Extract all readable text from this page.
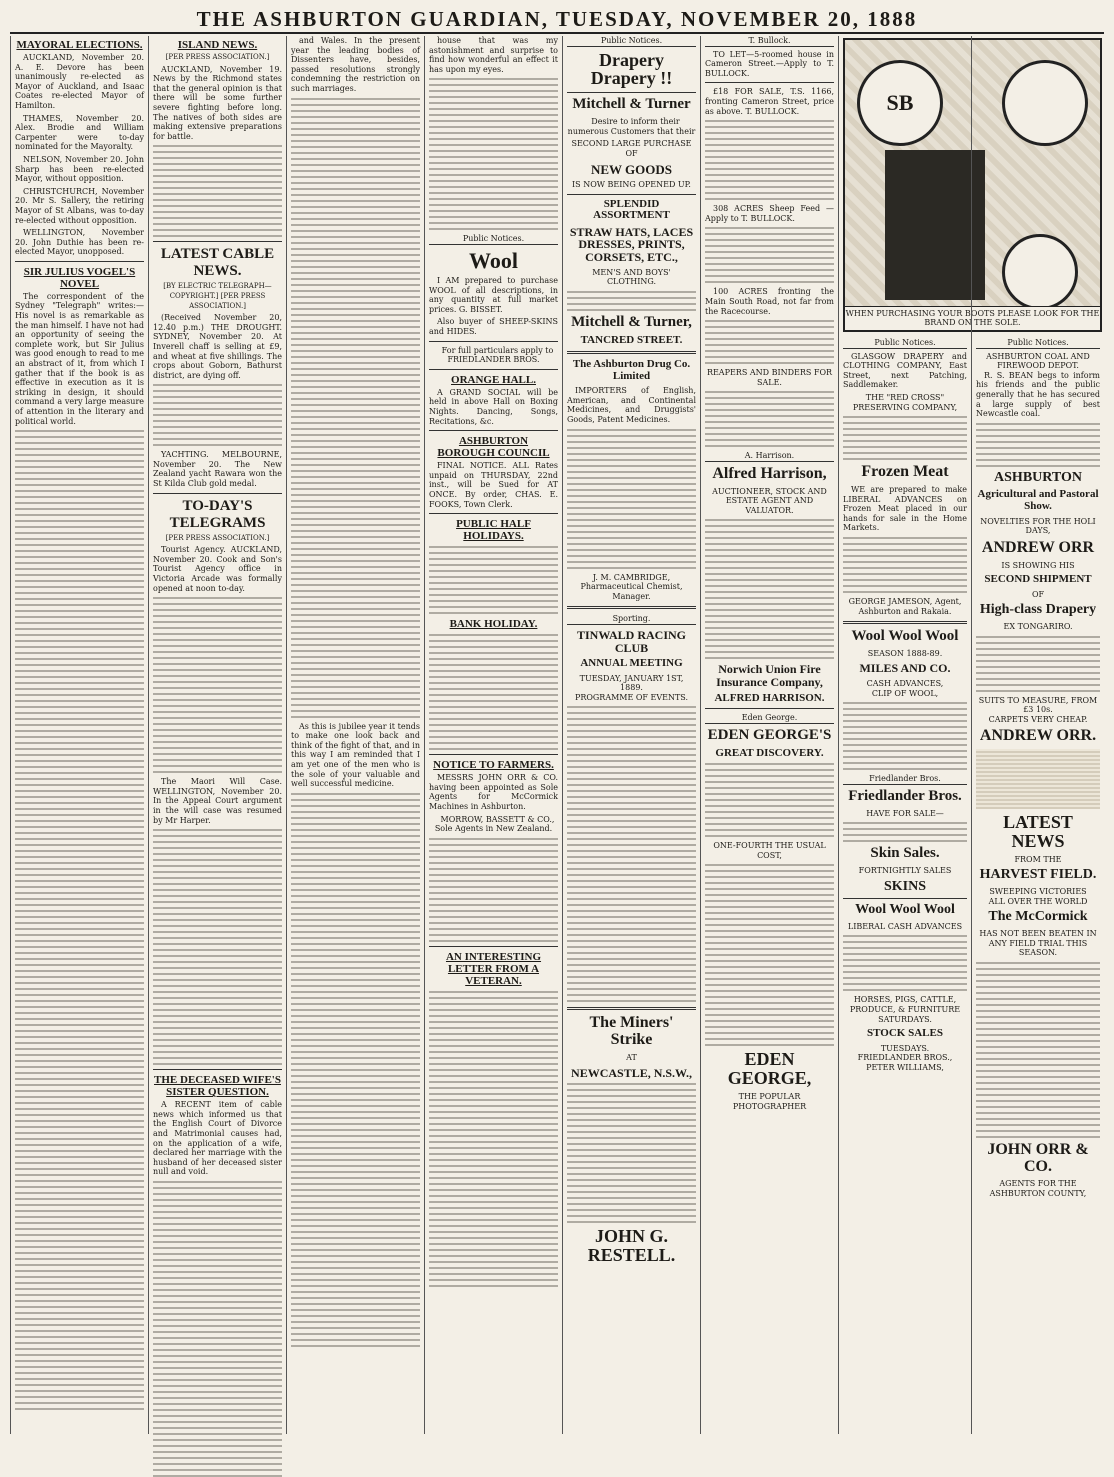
THE ASHBURTON GUARDIAN, TUESDAY, NOVEMBER 20, 1888
MAYORAL ELECTIONS.

AUCKLAND, November 20. A. E. Devore has been unanimously re-elected as Mayor of Auckland, and Isaac Coates re-elected Mayor of Hamilton.

THAMES, November 20. Alex. Brodie and William Carpenter were to-day nominated for the Mayoralty.

NELSON, November 20. John Sharp has been re-elected Mayor, without opposition.

CHRISTCHURCH, November 20. Mr S. Sallery, the retiring Mayor of St Albans, was to-day re-elected without opposition.

WELLINGTON, November 20. John Duthie has been re-elected Mayor, unopposed.

SIR JULIUS VOGEL'S NOVEL

The correspondent of the Sydney "Telegraph" writes:—His novel is as remarkable as the man himself. I have not had an opportunity of seeing the complete work, but Sir Julius was good enough to read to me an abstract of it, from which I gather that if the book is as effective in execution as it is striking in design, it should command a very large measure of attention in the literary and political world.

ISLAND NEWS.
[PER PRESS ASSOCIATION.]

AUCKLAND, November 19. News by the Richmond states that the general opinion is that there will be some further severe fighting before long. The natives of both sides are making extensive preparations for battle.

LATEST CABLE NEWS.
[BY ELECTRIC TELEGRAPH—COPYRIGHT.] [PER PRESS ASSOCIATION.]

(Received November 20, 12.40 p.m.) THE DROUGHT. SYDNEY, November 20. At Inverell chaff is selling at £9, and wheat at five shillings. The crops about Goborn, Bathurst district, are dying off.

YACHTING. MELBOURNE, November 20. The New Zealand yacht Rawara won the St Kilda Club gold medal.

TO-DAY'S TELEGRAMS
[PER PRESS ASSOCIATION.]

Tourist Agency. AUCKLAND, November 20. Cook and Son's Tourist Agency office in Victoria Arcade was formally opened at noon to-day.

The Maori Will Case. WELLINGTON, November 20. In the Appeal Court argument in the will case was resumed by Mr Harper.

THE DECEASED WIFE'S SISTER QUESTION.

A RECENT item of cable news which informed us that the English Court of Divorce and Matrimonial causes had, on the application of a wife, declared her marriage with the husband of her deceased sister null and void.

and Wales. In the present year the leading bodies of Dissenters have, besides, passed resolutions strongly condemning the restriction on such marriages.

As this is jubilee year it tends to make one look back and think of the fight of that, and in this way I am reminded that I am yet one of the men who is the sole of your valuable and well successful medicine.

house that was my astonishment and surprise to find how wonderful an effect it has upon my eyes.

Public Notices.
Wool

I AM prepared to purchase WOOL of all descriptions, in any quantity at full market prices. G. BISSET.

Also buyer of SHEEP-SKINS and HIDES.

For full particulars apply to FRIEDLANDER BROS.

ORANGE HALL.

A GRAND SOCIAL will be held in above Hall on Boxing Nights. Dancing, Songs, Recitations, &c.

ASHBURTON BOROUGH COUNCIL

FINAL NOTICE. ALL Rates unpaid on THURSDAY, 22nd inst., will be Sued for AT ONCE. By order, CHAS. E. FOOKS, Town Clerk.

PUBLIC HALF HOLIDAYS.
BANK HOLIDAY.
NOTICE TO FARMERS.

MESSRS JOHN ORR & CO. having been appointed as Sole Agents for McCormick Machines in Ashburton.

MORROW, BASSETT & CO., Sole Agents in New Zealand.

AN INTERESTING LETTER FROM A VETERAN.
Public Notices.
Drapery Drapery !!
Mitchell & Turner

Desire to inform their numerous Customers that their

SECOND LARGE PURCHASE OF
NEW GOODS
IS NOW BEING OPENED UP.
SPLENDID ASSORTMENT
STRAW HATS, LACES DRESSES, PRINTS, CORSETS, ETC.,
MEN'S AND BOYS' CLOTHING.
Mitchell & Turner,
TANCRED STREET.
The Ashburton Drug Co. Limited

IMPORTERS of English, American, and Continental Medicines, and Druggists' Goods, Patent Medicines.

J. M. CAMBRIDGE, Pharmaceutical Chemist, Manager.
Sporting.
TINWALD RACING CLUB
ANNUAL MEETING
TUESDAY, JANUARY 1ST, 1889.
PROGRAMME OF EVENTS.
The Miners' Strike
AT
NEWCASTLE, N.S.W.,
JOHN G. RESTELL.
T. Bullock.

TO LET—5-roomed house in Cameron Street.—Apply to T. BULLOCK.

£18 FOR SALE, T.S. 1166, fronting Cameron Street, price as above. T. BULLOCK.

308 ACRES Sheep Feed — Apply to T. BULLOCK.

100 ACRES fronting the Main South Road, not far from the Racecourse.

REAPERS AND BINDERS FOR SALE.
A. Harrison.
Alfred Harrison,
AUCTIONEER, STOCK AND ESTATE AGENT AND VALUATOR.
Norwich Union Fire Insurance Company,
ALFRED HARRISON.
Eden George.
EDEN GEORGE'S
GREAT DISCOVERY.
ONE-FOURTH THE USUAL COST,
EDEN GEORGE,
THE POPULAR PHOTOGRAPHER
SB
WHEN PURCHASING YOUR BOOTS PLEASE LOOK FOR THE BRAND ON THE SOLE.
Public Notices.

GLASGOW DRAPERY and CLOTHING COMPANY, East Street, next Patching, Saddlemaker.

THE "RED CROSS" PRESERVING COMPANY,
Frozen Meat

WE are prepared to make LIBERAL ADVANCES on Frozen Meat placed in our hands for sale in the Home Markets.

GEORGE JAMESON, Agent, Ashburton and Rakaia.
Wool Wool Wool
SEASON 1888-89.
MILES AND CO.
CASH ADVANCES,
CLIP OF WOOL,
Friedlander Bros.
Friedlander Bros.
HAVE FOR SALE—
Skin Sales.
FORTNIGHTLY SALES
SKINS
Wool Wool Wool
LIBERAL CASH ADVANCES
HORSES, PIGS, CATTLE, PRODUCE, & FURNITURE
SATURDAYS.
STOCK SALES
TUESDAYS.
FRIEDLANDER BROS.,
PETER WILLIAMS,
Public Notices.
ASHBURTON COAL AND FIREWOOD DEPOT.

R. S. BEAN begs to inform his friends and the public generally that he has secured a large supply of best Newcastle coal.

ASHBURTON
Agricultural and Pastoral Show.
NOVELTIES FOR THE HOLI DAYS,
ANDREW ORR
IS SHOWING HIS
SECOND SHIPMENT
OF
High-class Drapery
EX TONGARIRO.
SUITS TO MEASURE, FROM £3 10s.
CARPETS VERY CHEAP.
ANDREW ORR.
LATEST NEWS
FROM THE
HARVEST FIELD.
SWEEPING VICTORIES
ALL OVER THE WORLD
The McCormick
HAS NOT BEEN BEATEN IN ANY FIELD TRIAL THIS SEASON.
JOHN ORR & CO.
AGENTS FOR THE ASHBURTON COUNTY,
